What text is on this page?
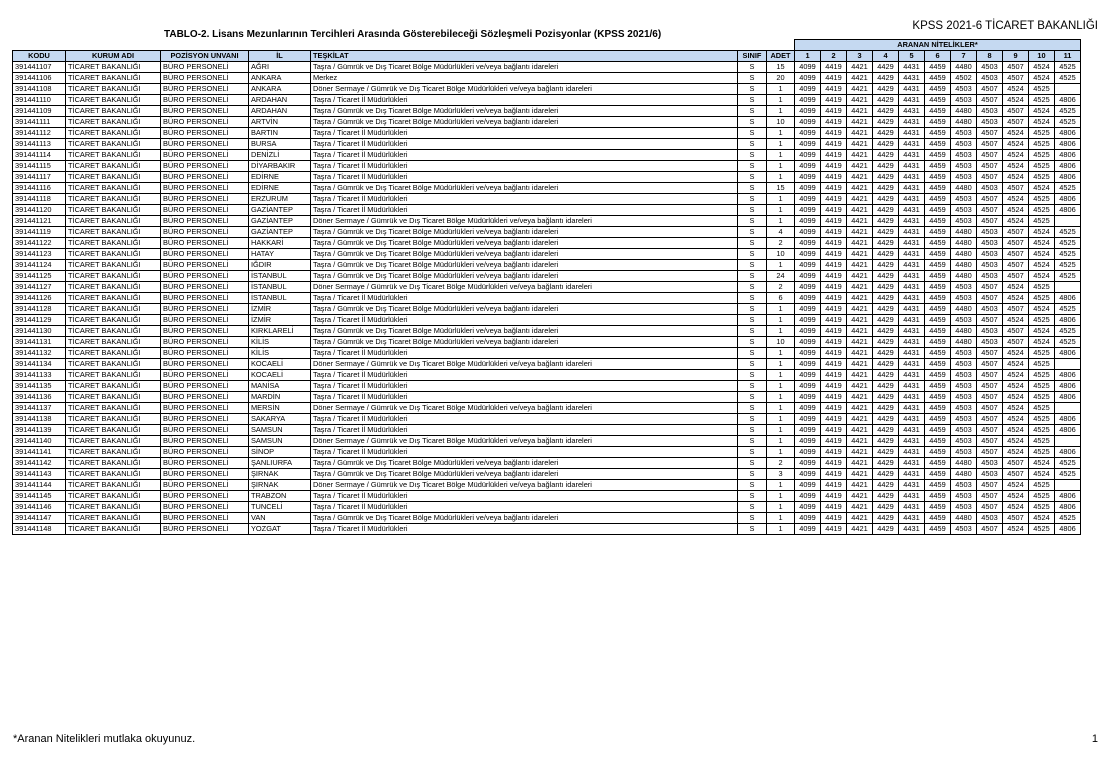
KPSS 2021-6 TİCARET BAKANLIĞI
TABLO-2. Lisans Mezunlarının Tercihleri Arasında Gösterebileceği Sözleşmeli Pozisyonlar (KPSS 2021/6)
							ARANAN NİTELİKLER*										
KODU	KURUM ADI	POZİSYON UNVANI	İL	TEŞKİLAT	SINIF	ADET	1	2	3	4	5	6	7	8	9	10	11
391441107	TİCARET BAKANLIĞI	BÜRO PERSONELİ	AĞRI	Taşra / Gümrük ve Dış Ticaret Bölge Müdürlükleri ve/veya bağlantı idareleri	S	15	4099	4419	4421	4429	4431	4459	4480	4503	4507	4524	4525
391441106	TİCARET BAKANLIĞI	BÜRO PERSONELİ	ANKARA	Merkez	S	20	4099	4419	4421	4429	4431	4459	4502	4503	4507	4524	4525
391441108	TİCARET BAKANLIĞI	BÜRO PERSONELİ	ANKARA	Döner Sermaye / Gümrük ve Dış Ticaret Bölge Müdürlükleri ve/veya bağlantı idareleri	S	1	4099	4419	4421	4429	4431	4459	4503	4507	4524	4525	
391441110	TİCARET BAKANLIĞI	BÜRO PERSONELİ	ARDAHAN	Taşra / Ticaret İl Müdürlükleri	S	1	4099	4419	4421	4429	4431	4459	4503	4507	4524	4525	4806
391441109	TİCARET BAKANLIĞI	BÜRO PERSONELİ	ARDAHAN	Taşra / Gümrük ve Dış Ticaret Bölge Müdürlükleri ve/veya bağlantı idareleri	S	1	4099	4419	4421	4429	4431	4459	4480	4503	4507	4524	4525
391441111	TİCARET BAKANLIĞI	BÜRO PERSONELİ	ARTVİN	Taşra / Gümrük ve Dış Ticaret Bölge Müdürlükleri ve/veya bağlantı idareleri	S	10	4099	4419	4421	4429	4431	4459	4480	4503	4507	4524	4525
391441112	TİCARET BAKANLIĞI	BÜRO PERSONELİ	BARTIN	Taşra / Ticaret İl Müdürlükleri	S	1	4099	4419	4421	4429	4431	4459	4503	4507	4524	4525	4806
391441113	TİCARET BAKANLIĞI	BÜRO PERSONELİ	BURSA	Taşra / Ticaret İl Müdürlükleri	S	1	4099	4419	4421	4429	4431	4459	4503	4507	4524	4525	4806
391441114	TİCARET BAKANLIĞI	BÜRO PERSONELİ	DENİZLİ	Taşra / Ticaret İl Müdürlükleri	S	1	4099	4419	4421	4429	4431	4459	4503	4507	4524	4525	4806
391441115	TİCARET BAKANLIĞI	BÜRO PERSONELİ	DİYARBAKIR	Taşra / Ticaret İl Müdürlükleri	S	1	4099	4419	4421	4429	4431	4459	4503	4507	4524	4525	4806
391441117	TİCARET BAKANLIĞI	BÜRO PERSONELİ	EDİRNE	Taşra / Ticaret İl Müdürlükleri	S	1	4099	4419	4421	4429	4431	4459	4503	4507	4524	4525	4806
391441116	TİCARET BAKANLIĞI	BÜRO PERSONELİ	EDİRNE	Taşra / Gümrük ve Dış Ticaret Bölge Müdürlükleri ve/veya bağlantı idareleri	S	15	4099	4419	4421	4429	4431	4459	4480	4503	4507	4524	4525
391441118	TİCARET BAKANLIĞI	BÜRO PERSONELİ	ERZURUM	Taşra / Ticaret İl Müdürlükleri	S	1	4099	4419	4421	4429	4431	4459	4503	4507	4524	4525	4806
391441120	TİCARET BAKANLIĞI	BÜRO PERSONELİ	GAZİANTEP	Taşra / Ticaret İl Müdürlükleri	S	1	4099	4419	4421	4429	4431	4459	4503	4507	4524	4525	4806
391441121	TİCARET BAKANLIĞI	BÜRO PERSONELİ	GAZİANTEP	Döner Sermaye / Gümrük ve Dış Ticaret Bölge Müdürlükleri ve/veya bağlantı idareleri	S	1	4099	4419	4421	4429	4431	4459	4503	4507	4524	4525	
391441119	TİCARET BAKANLIĞI	BÜRO PERSONELİ	GAZİANTEP	Taşra / Gümrük ve Dış Ticaret Bölge Müdürlükleri ve/veya bağlantı idareleri	S	4	4099	4419	4421	4429	4431	4459	4480	4503	4507	4524	4525
391441122	TİCARET BAKANLIĞI	BÜRO PERSONELİ	HAKKARİ	Taşra / Gümrük ve Dış Ticaret Bölge Müdürlükleri ve/veya bağlantı idareleri	S	2	4099	4419	4421	4429	4431	4459	4480	4503	4507	4524	4525
391441123	TİCARET BAKANLIĞI	BÜRO PERSONELİ	HATAY	Taşra / Gümrük ve Dış Ticaret Bölge Müdürlükleri ve/veya bağlantı idareleri	S	10	4099	4419	4421	4429	4431	4459	4480	4503	4507	4524	4525
391441124	TİCARET BAKANLIĞI	BÜRO PERSONELİ	IĞDIR	Taşra / Gümrük ve Dış Ticaret Bölge Müdürlükleri ve/veya bağlantı idareleri	S	1	4099	4419	4421	4429	4431	4459	4480	4503	4507	4524	4525
391441125	TİCARET BAKANLIĞI	BÜRO PERSONELİ	İSTANBUL	Taşra / Gümrük ve Dış Ticaret Bölge Müdürlükleri ve/veya bağlantı idareleri	S	24	4099	4419	4421	4429	4431	4459	4480	4503	4507	4524	4525
391441127	TİCARET BAKANLIĞI	BÜRO PERSONELİ	İSTANBUL	Döner Sermaye / Gümrük ve Dış Ticaret Bölge Müdürlükleri ve/veya bağlantı idareleri	S	2	4099	4419	4421	4429	4431	4459	4503	4507	4524	4525	
391441126	TİCARET BAKANLIĞI	BÜRO PERSONELİ	İSTANBUL	Taşra / Ticaret İl Müdürlükleri	S	6	4099	4419	4421	4429	4431	4459	4503	4507	4524	4525	4806
391441128	TİCARET BAKANLIĞI	BÜRO PERSONELİ	İZMİR	Taşra / Gümrük ve Dış Ticaret Bölge Müdürlükleri ve/veya bağlantı idareleri	S	1	4099	4419	4421	4429	4431	4459	4480	4503	4507	4524	4525
391441129	TİCARET BAKANLIĞI	BÜRO PERSONELİ	İZMİR	Taşra / Ticaret İl Müdürlükleri	S	1	4099	4419	4421	4429	4431	4459	4503	4507	4524	4525	4806
391441130	TİCARET BAKANLIĞI	BÜRO PERSONELİ	KIRKLARELİ	Taşra / Gümrük ve Dış Ticaret Bölge Müdürlükleri ve/veya bağlantı idareleri	S	1	4099	4419	4421	4429	4431	4459	4480	4503	4507	4524	4525
391441131	TİCARET BAKANLIĞI	BÜRO PERSONELİ	KİLİS	Taşra / Gümrük ve Dış Ticaret Bölge Müdürlükleri ve/veya bağlantı idareleri	S	10	4099	4419	4421	4429	4431	4459	4480	4503	4507	4524	4525
391441132	TİCARET BAKANLIĞI	BÜRO PERSONELİ	KİLİS	Taşra / Ticaret İl Müdürlükleri	S	1	4099	4419	4421	4429	4431	4459	4503	4507	4524	4525	4806
391441134	TİCARET BAKANLIĞI	BÜRO PERSONELİ	KOCAELİ	Döner Sermaye / Gümrük ve Dış Ticaret Bölge Müdürlükleri ve/veya bağlantı idareleri	S	1	4099	4419	4421	4429	4431	4459	4503	4507	4524	4525	
391441133	TİCARET BAKANLIĞI	BÜRO PERSONELİ	KOCAELİ	Taşra / Ticaret İl Müdürlükleri	S	1	4099	4419	4421	4429	4431	4459	4503	4507	4524	4525	4806
391441135	TİCARET BAKANLIĞI	BÜRO PERSONELİ	MANİSA	Taşra / Ticaret İl Müdürlükleri	S	1	4099	4419	4421	4429	4431	4459	4503	4507	4524	4525	4806
391441136	TİCARET BAKANLIĞI	BÜRO PERSONELİ	MARDİN	Taşra / Ticaret İl Müdürlükleri	S	1	4099	4419	4421	4429	4431	4459	4503	4507	4524	4525	4806
391441137	TİCARET BAKANLIĞI	BÜRO PERSONELİ	MERSİN	Döner Sermaye / Gümrük ve Dış Ticaret Bölge Müdürlükleri ve/veya bağlantı idareleri	S	1	4099	4419	4421	4429	4431	4459	4503	4507	4524	4525	
391441138	TİCARET BAKANLIĞI	BÜRO PERSONELİ	SAKARYA	Taşra / Ticaret İl Müdürlükleri	S	1	4099	4419	4421	4429	4431	4459	4503	4507	4524	4525	4806
391441139	TİCARET BAKANLIĞI	BÜRO PERSONELİ	SAMSUN	Taşra / Ticaret İl Müdürlükleri	S	1	4099	4419	4421	4429	4431	4459	4503	4507	4524	4525	4806
391441140	TİCARET BAKANLIĞI	BÜRO PERSONELİ	SAMSUN	Döner Sermaye / Gümrük ve Dış Ticaret Bölge Müdürlükleri ve/veya bağlantı idareleri	S	1	4099	4419	4421	4429	4431	4459	4503	4507	4524	4525	
391441141	TİCARET BAKANLIĞI	BÜRO PERSONELİ	SİNOP	Taşra / Ticaret İl Müdürlükleri	S	1	4099	4419	4421	4429	4431	4459	4503	4507	4524	4525	4806
391441142	TİCARET BAKANLIĞI	BÜRO PERSONELİ	ŞANLIURFA	Taşra / Gümrük ve Dış Ticaret Bölge Müdürlükleri ve/veya bağlantı idareleri	S	2	4099	4419	4421	4429	4431	4459	4480	4503	4507	4524	4525
391441143	TİCARET BAKANLIĞI	BÜRO PERSONELİ	ŞIRNAK	Taşra / Gümrük ve Dış Ticaret Bölge Müdürlükleri ve/veya bağlantı idareleri	S	3	4099	4419	4421	4429	4431	4459	4480	4503	4507	4524	4525
391441144	TİCARET BAKANLIĞI	BÜRO PERSONELİ	ŞIRNAK	Döner Sermaye / Gümrük ve Dış Ticaret Bölge Müdürlükleri ve/veya bağlantı idareleri	S	1	4099	4419	4421	4429	4431	4459	4503	4507	4524	4525	
391441145	TİCARET BAKANLIĞI	BÜRO PERSONELİ	TRABZON	Taşra / Ticaret İl Müdürlükleri	S	1	4099	4419	4421	4429	4431	4459	4503	4507	4524	4525	4806
391441146	TİCARET BAKANLIĞI	BÜRO PERSONELİ	TUNCELİ	Taşra / Ticaret İl Müdürlükleri	S	1	4099	4419	4421	4429	4431	4459	4503	4507	4524	4525	4806
391441147	TİCARET BAKANLIĞI	BÜRO PERSONELİ	VAN	Taşra / Gümrük ve Dış Ticaret Bölge Müdürlükleri ve/veya bağlantı idareleri	S	1	4099	4419	4421	4429	4431	4459	4480	4503	4507	4524	4525
391441148	TİCARET BAKANLIĞI	BÜRO PERSONELİ	YOZGAT	Taşra / Ticaret İl Müdürlükleri	S	1	4099	4419	4421	4429	4431	4459	4503	4507	4524	4525	4806
*Aranan Nitelikleri mutlaka okuyunuz.	1
